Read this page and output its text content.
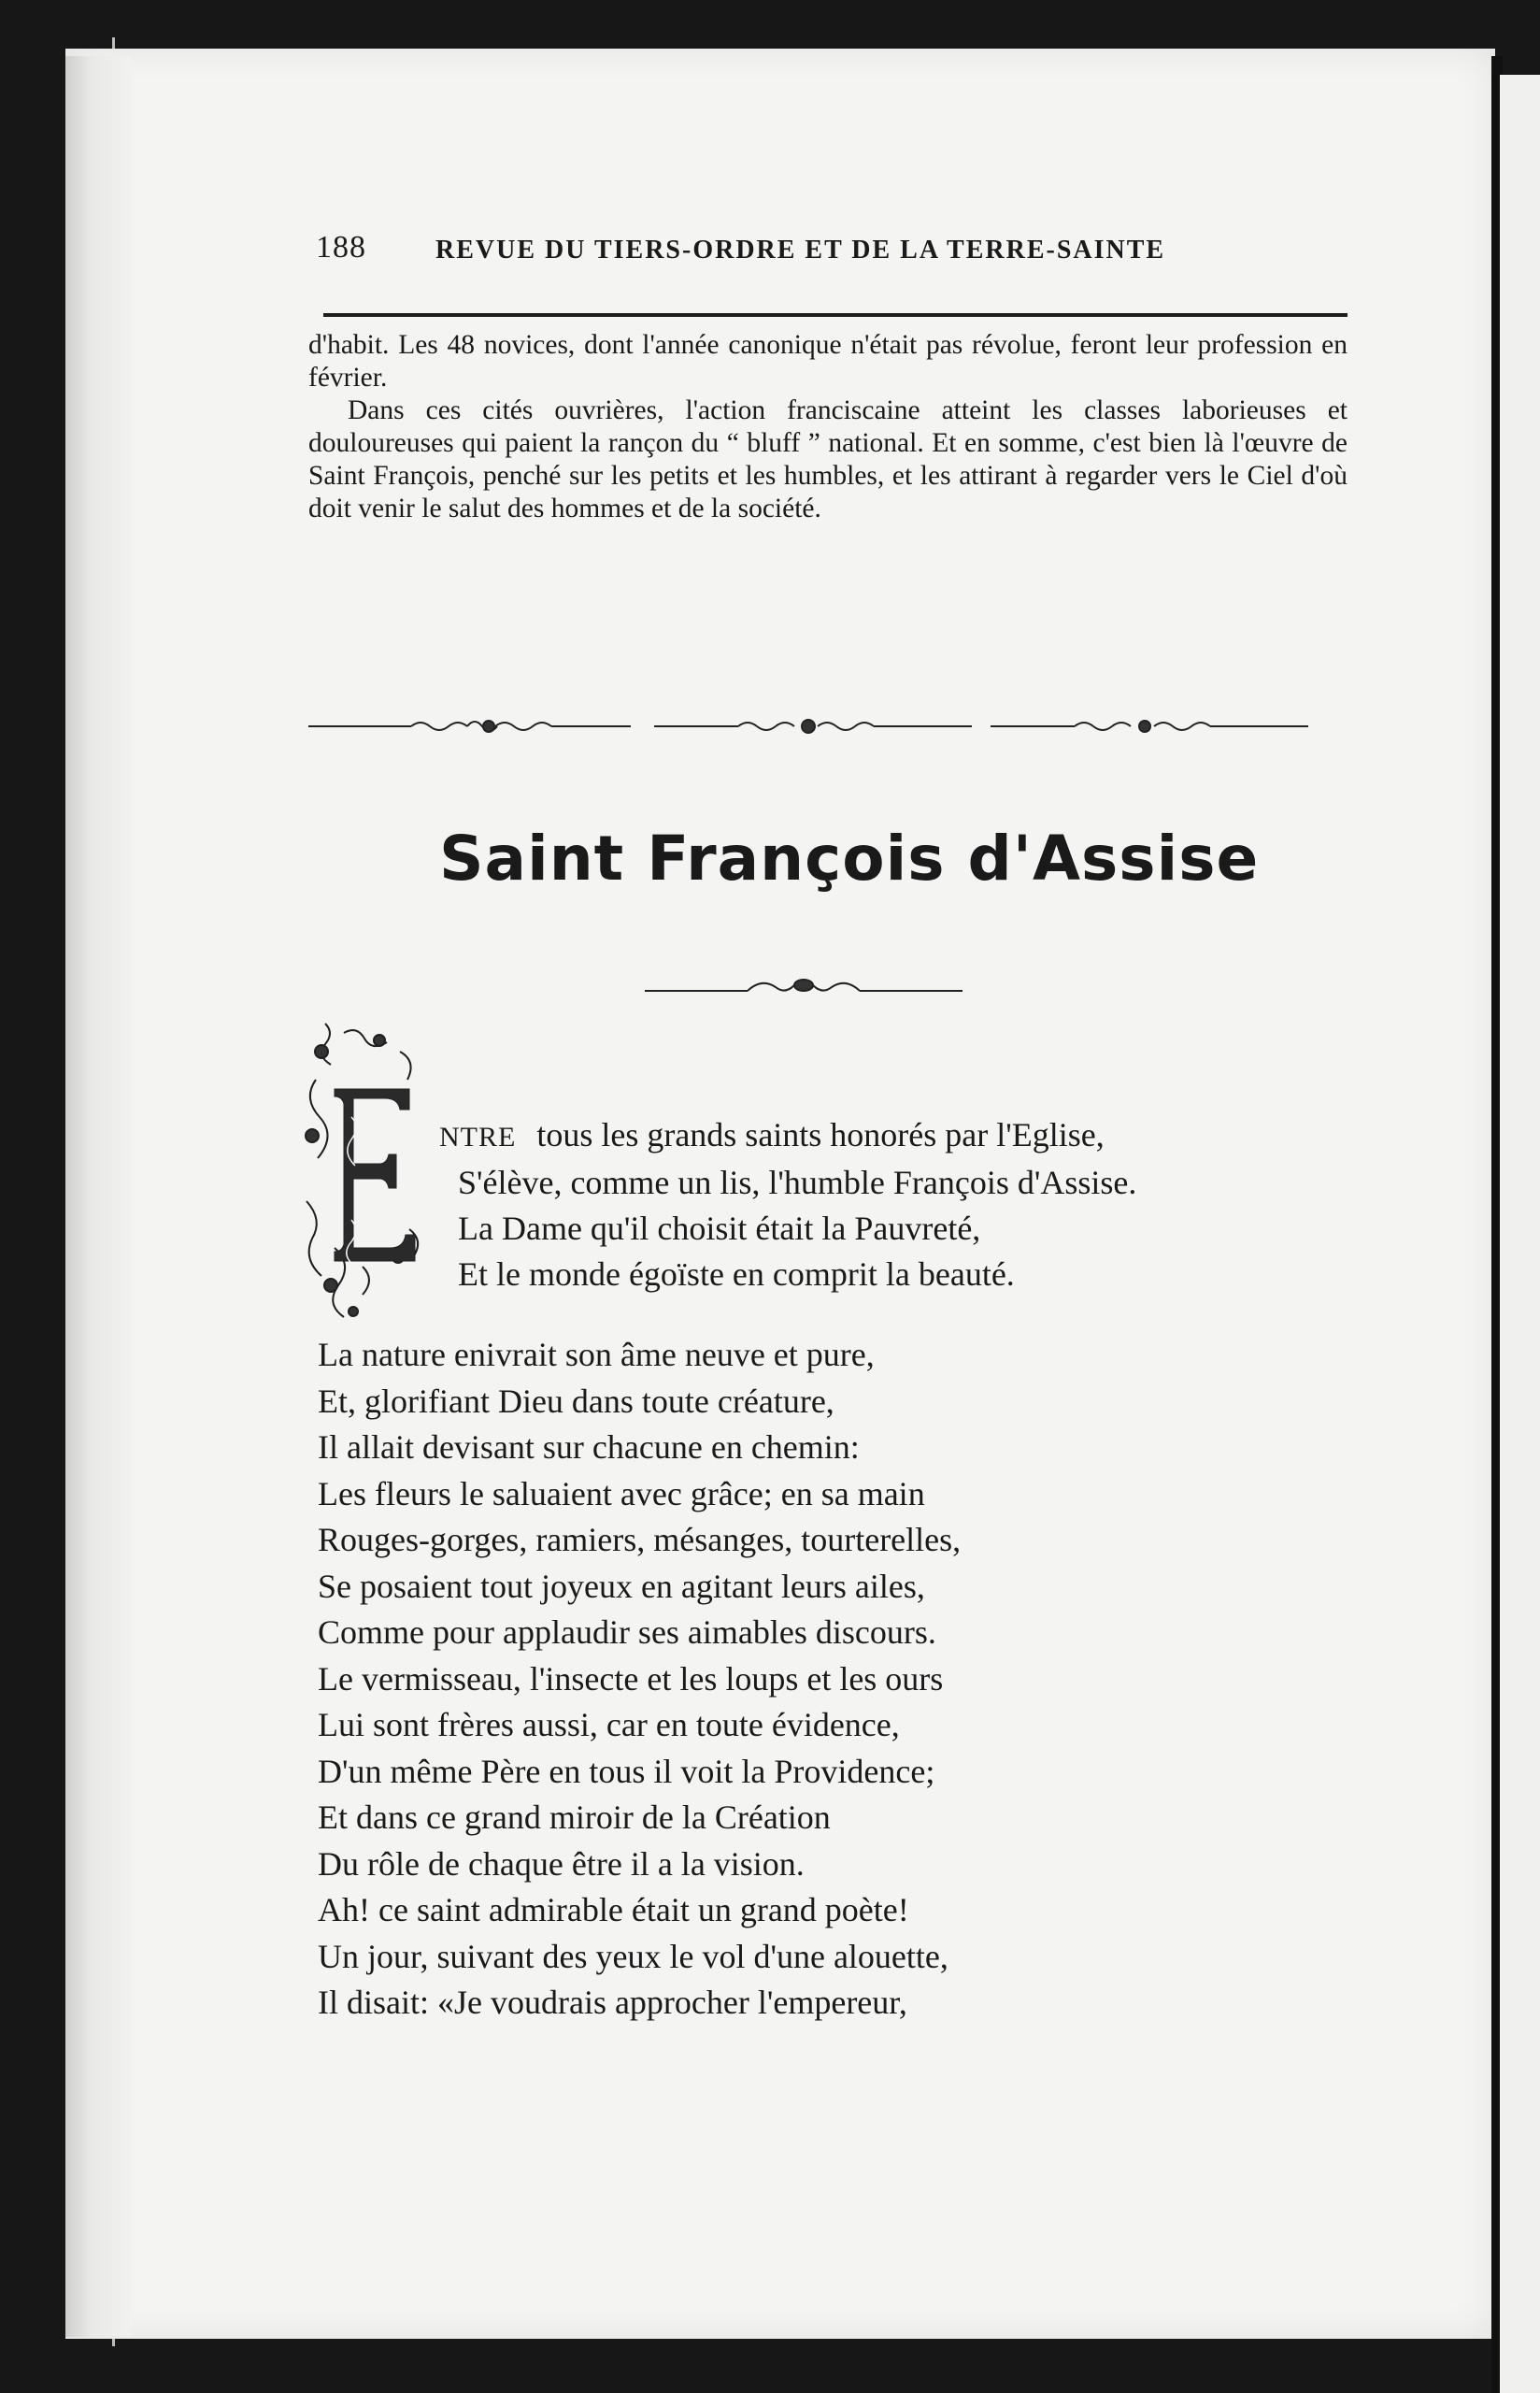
188	REVUE DU TIERS-ORDRE ET DE LA TERRE-SAINTE

d'habit. Les 48 novices, dont l'année canonique n'était pas révolue, feront leur profession en février.

Dans ces cités ouvrières, l'action franciscaine atteint les classes laborieuses et douloureuses qui paient la rançon du “ bluff ” national. Et en somme, c'est bien là l'œuvre de Saint François, penché sur les petits et les humbles, et les attirant à regarder vers le Ciel d'où doit venir le salut des hommes et de la société.

Saint François d'Assise
NTRE tous les grands saints honorés par l'Eglise,
S'élève, comme un lis, l'humble François d'Assise.
La Dame qu'il choisit était la Pauvreté,
Et le monde égoïste en comprit la beauté.
La nature enivrait son âme neuve et pure,
Et, glorifiant Dieu dans toute créature,
Il allait devisant sur chacune en chemin:
Les fleurs le saluaient avec grâce; en sa main
Rouges-gorges, ramiers, mésanges, tourterelles,
Se posaient tout joyeux en agitant leurs ailes,
Comme pour applaudir ses aimables discours.
Le vermisseau, l'insecte et les loups et les ours
Lui sont frères aussi, car en toute évidence,
D'un même Père en tous il voit la Providence;
Et dans ce grand miroir de la Création
Du rôle de chaque être il a la vision.
Ah! ce saint admirable était un grand poète!
Un jour, suivant des yeux le vol d'une alouette,
Il disait: «Je voudrais approcher l'empereur,
